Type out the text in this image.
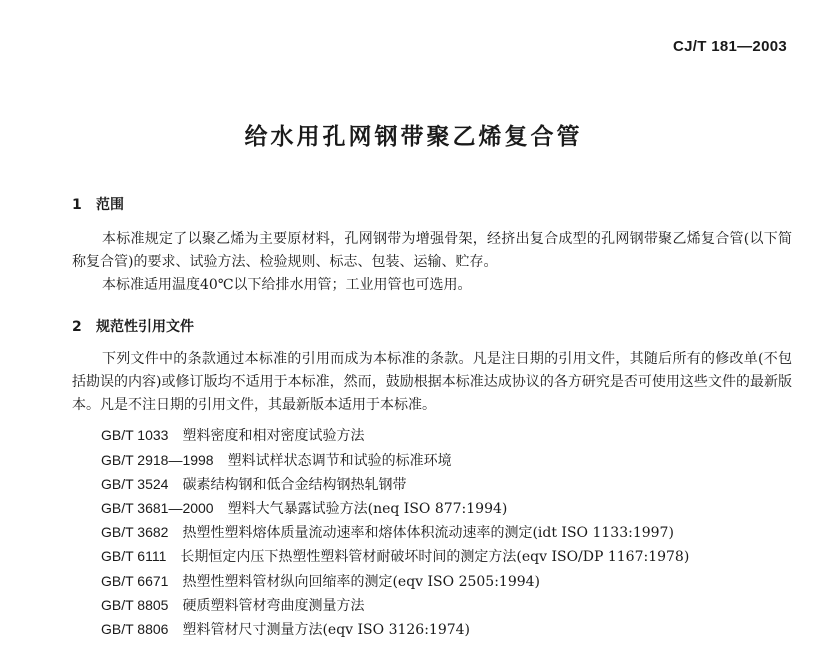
CJ/T 181—2003
给水用孔网钢带聚乙烯复合管
1 范围
本标准规定了以聚乙烯为主要原材料，孔网钢带为增强骨架，经挤出复合成型的孔网钢带聚乙烯复合管(以下简称复合管)的要求、试验方法、检验规则、标志、包装、运输、贮存。
本标准适用温度40℃以下给排水用管；工业用管也可选用。
2 规范性引用文件
下列文件中的条款通过本标准的引用而成为本标准的条款。凡是注日期的引用文件，其随后所有的修改单(不包括勘误的内容)或修订版均不适用于本标准，然而，鼓励根据本标准达成协议的各方研究是否可使用这些文件的最新版本。凡是不注日期的引用文件，其最新版本适用于本标准。
GB/T 1033 塑料密度和相对密度试验方法
GB/T 2918—1998 塑料试样状态调节和试验的标准环境
GB/T 3524 碳素结构钢和低合金结构钢热轧钢带
GB/T 3681—2000 塑料大气暴露试验方法(neq ISO 877:1994)
GB/T 3682 热塑性塑料熔体质量流动速率和熔体体积流动速率的测定(idt ISO 1133:1997)
GB/T 6111 长期恒定内压下热塑性塑料管材耐破坏时间的测定方法(eqv ISO/DP 1167:1978)
GB/T 6671 热塑性塑料管材纵向回缩率的测定(eqv ISO 2505:1994)
GB/T 8805 硬质塑料管材弯曲度测量方法
GB/T 8806 塑料管材尺寸测量方法(eqv ISO 3126:1974)
